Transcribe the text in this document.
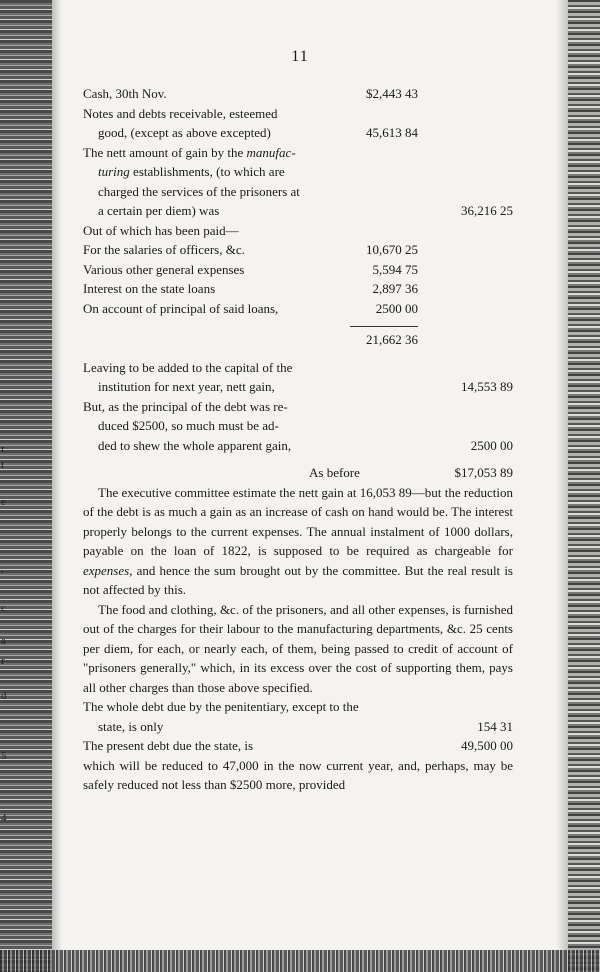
r
t
e
,
c
a
r
d
5
4
11
Cash, 30th Nov.	$2,443 43
Notes and debts receivable, esteemed
good, (except as above excepted)	45,613 84
The nett amount of gain by the manufac-
turing establishments, (to which are
charged the services of the prisoners at
a certain per diem) was	36,216 25
Out of which has been paid—
For the salaries of officers, &c.	10,670 25
Various other general expenses	5,594 75
Interest on the state loans	2,897 36
On account of principal of said loans,	2500 00
21,662 36
Leaving to be added to the capital of the
institution for next year, nett gain,	14,553 89
But, as the principal of the debt was re-
duced $2500, so much must be ad-
ded to shew the whole apparent gain,	2500 00
As before	$17,053 89

The executive committee estimate the nett gain at 16,053 89—but the reduction of the debt is as much a gain as an increase of cash on hand would be. The interest properly belongs to the current expenses. The annual instalment of 1000 dollars, payable on the loan of 1822, is supposed to be required as chargeable for expenses, and hence the sum brought out by the committee. But the real result is not affected by this.

The food and clothing, &c. of the prisoners, and all other expenses, is furnished out of the charges for their labour to the manufacturing departments, &c. 25 cents per diem, for each, or nearly each, of them, being passed to credit of account of "prisoners generally," which, in its excess over the cost of supporting them, pays all other charges than those above specified.

The whole debt due by the penitentiary, except to the
state, is only	154 31
The present debt due the state, is	49,500 00

which will be reduced to 47,000 in the now current year, and, perhaps, may be safely reduced not less than $2500 more, provided
